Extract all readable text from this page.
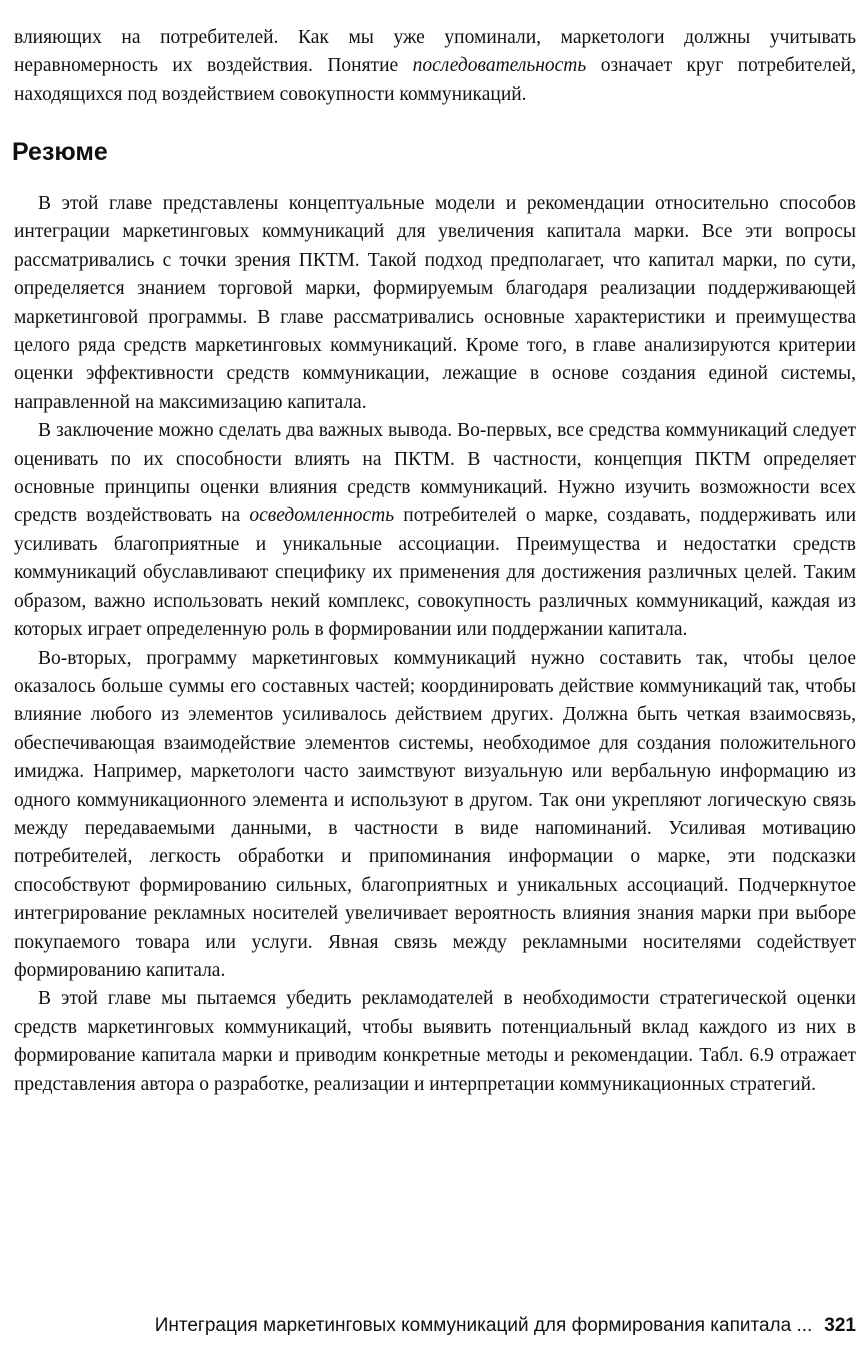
влияющих на потребителей. Как мы уже упоминали, маркетологи должны учитывать неравномерность их воздействия. Понятие последовательность означает круг потребителей, находящихся под воздействием совокупности коммуникаций.

Резюме

В этой главе представлены концептуальные модели и рекомендации относительно способов интеграции маркетинговых коммуникаций для увеличения капитала марки. Все эти вопросы рассматривались с точки зрения ПКТМ. Такой подход предполагает, что капитал марки, по сути, определяется знанием торговой марки, формируемым благодаря реализации поддерживающей маркетинговой программы. В главе рассматривались основные характеристики и преимущества целого ряда средств маркетинговых коммуникаций. Кроме того, в главе анализируются критерии оценки эффективности средств коммуникации, лежащие в основе создания единой системы, направленной на максимизацию капитала.

В заключение можно сделать два важных вывода. Во-первых, все средства коммуникаций следует оценивать по их способности влиять на ПКТМ. В частности, концепция ПКТМ определяет основные принципы оценки влияния средств коммуникаций. Нужно изучить возможности всех средств воздействовать на осведомленность потребителей о марке, создавать, поддерживать или усиливать благоприятные и уникальные ассоциации. Преимущества и недостатки средств коммуникаций обуславливают специфику их применения для достижения различных целей. Таким образом, важно использовать некий комплекс, совокупность различных коммуникаций, каждая из которых играет определенную роль в формировании или поддержании капитала.

Во-вторых, программу маркетинговых коммуникаций нужно составить так, чтобы целое оказалось больше суммы его составных частей; координировать действие коммуникаций так, чтобы влияние любого из элементов усиливалось действием других. Должна быть четкая взаимосвязь, обеспечивающая взаимодействие элементов системы, необходимое для создания положительного имиджа. Например, маркетологи часто заимствуют визуальную или вербальную информацию из одного коммуникационного элемента и используют в другом. Так они укрепляют логическую связь между передаваемыми данными, в частности в виде напоминаний. Усиливая мотивацию потребителей, легкость обработки и припоминания информации о марке, эти подсказки способствуют формированию сильных, благоприятных и уникальных ассоциаций. Подчеркнутое интегрирование рекламных носителей увеличивает вероятность влияния знания марки при выборе покупаемого товара или услуги. Явная связь между рекламными носителями содействует формированию капитала.

В этой главе мы пытаемся убедить рекламодателей в необходимости стратегической оценки средств маркетинговых коммуникаций, чтобы выявить потенциальный вклад каждого из них в формирование капитала марки и приводим конкретные методы и рекомендации. Табл. 6.9 отражает представления автора о разработке, реализации и интерпретации коммуникационных стратегий.

Интеграция маркетинговых коммуникаций для формирования капитала ... 321
